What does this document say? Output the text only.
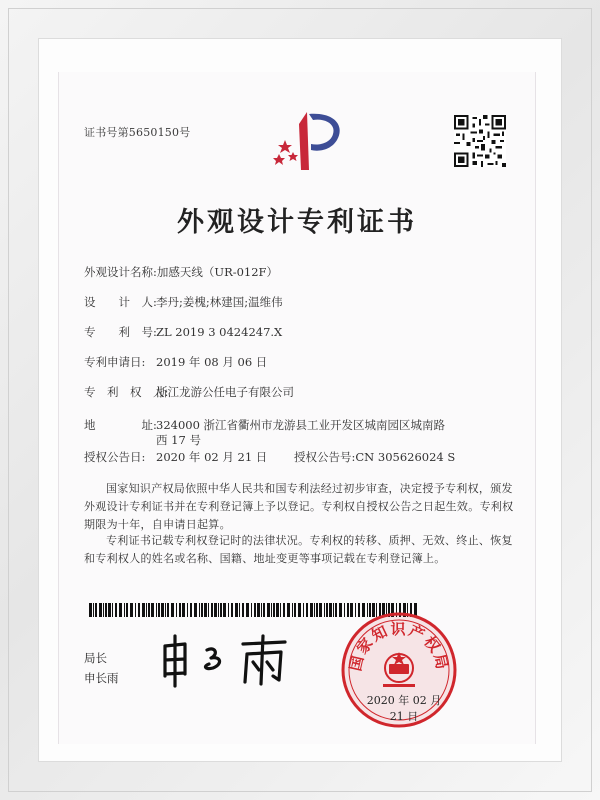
证书号第5650150号
外观设计专利证书
外观设计名称:加感天线（UR-012F）
设　　计　人:李丹;姜槐;林建国;温维伟
专　　利　号:ZL 2019 3 0424247.X
专利申请日: 2019 年 08 月 06 日
专　利　权　人:浙江龙游公任电子有限公司
地　　　　址:324000 浙江省衢州市龙游县工业开发区城南园区城南路
西 17 号
授权公告日: 2020 年 02 月 21 日 授权公告号:CN 305626024 S
国家知识产权局依照中华人民共和国专利法经过初步审查，决定授予专利权，颁发外观设计专利证书并在专利登记簿上予以登记。专利权自授权公告之日起生效。专利权期限为十年，自申请日起算。
专利证书记载专利权登记时的法律状况。专利权的转移、质押、无效、终止、恢复和专利权人的姓名或名称、国籍、地址变更等事项记载在专利登记簿上。
局长
申长雨
国家知识产权局
2020 年 02 月 21 日
